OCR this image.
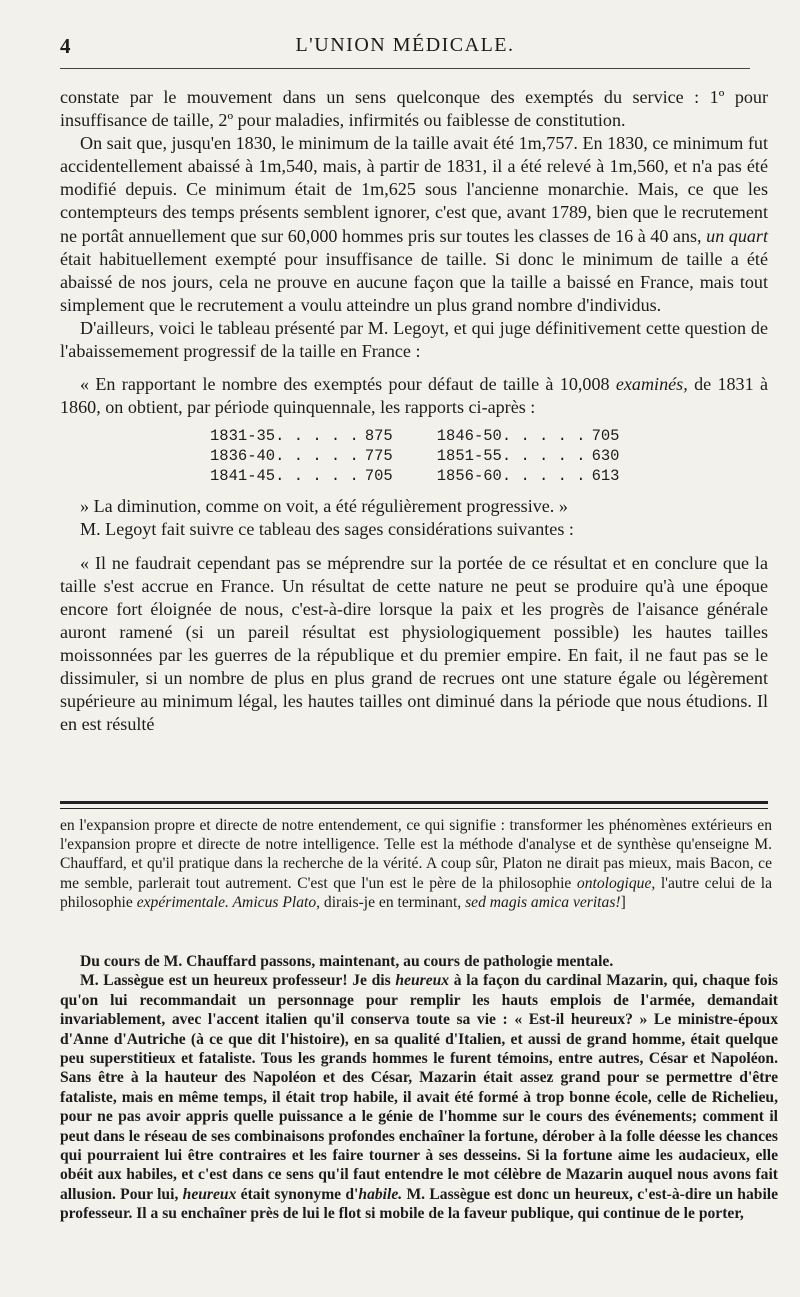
4	L'UNION MÉDICALE.

constate par le mouvement dans un sens quelconque des exemptés du service : 1º pour insuffisance de taille, 2º pour maladies, infirmités ou faiblesse de constitution.

On sait que, jusqu'en 1830, le minimum de la taille avait été 1m,757. En 1830, ce minimum fut accidentellement abaissé à 1m,540, mais, à partir de 1831, il a été relevé à 1m,560, et n'a pas été modifié depuis. Ce minimum était de 1m,625 sous l'ancienne monarchie. Mais, ce que les contempteurs des temps présents semblent ignorer, c'est que, avant 1789, bien que le recrutement ne portât annuellement que sur 60,000 hommes pris sur toutes les classes de 16 à 40 ans, un quart était habituellement exempté pour insuffisance de taille. Si donc le minimum de taille a été abaissé de nos jours, cela ne prouve en aucune façon que la taille a baissé en France, mais tout simplement que le recrutement a voulu atteindre un plus grand nombre d'individus.

D'ailleurs, voici le tableau présenté par M. Legoyt, et qui juge définitivement cette question de l'abaissemement progressif de la taille en France :

« En rapportant le nombre des exemptés pour défaut de taille à 10,008 examinés, de 1831 à 1860, on obtient, par période quinquennale, les rapports ci-après :

1831-35. . . . .	875	1846-50. . . . .	705
1836-40. . . . .	775	1851-55. . . . .	630
1841-45. . . . .	705	1856-60. . . . .	613

» La diminution, comme on voit, a été régulièrement progressive. »

M. Legoyt fait suivre ce tableau des sages considérations suivantes :

« Il ne faudrait cependant pas se méprendre sur la portée de ce résultat et en conclure que la taille s'est accrue en France. Un résultat de cette nature ne peut se produire qu'à une époque encore fort éloignée de nous, c'est-à-dire lorsque la paix et les progrès de l'aisance générale auront ramené (si un pareil résultat est physiologiquement possible) les hautes tailles moissonnées par les guerres de la république et du premier empire. En fait, il ne faut pas se le dissimuler, si un nombre de plus en plus grand de recrues ont une stature égale ou légèrement supérieure au minimum légal, les hautes tailles ont diminué dans la période que nous étudions. Il en est résulté

en l'expansion propre et directe de notre entendement, ce qui signifie : transformer les phénomènes extérieurs en l'expansion propre et directe de notre intelligence. Telle est la méthode d'analyse et de synthèse qu'enseigne M. Chauffard, et qu'il pratique dans la recherche de la vérité. A coup sûr, Platon ne dirait pas mieux, mais Bacon, ce me semble, parlerait tout autrement. C'est que l'un est le père de la philosophie ontologique, l'autre celui de la philosophie expérimentale. Amicus Plato, dirais-je en terminant, sed magis amica veritas!]

Du cours de M. Chauffard passons, maintenant, au cours de pathologie mentale.

M. Lassègue est un heureux professeur! Je dis heureux à la façon du cardinal Mazarin, qui, chaque fois qu'on lui recommandait un personnage pour remplir les hauts emplois de l'armée, demandait invariablement, avec l'accent italien qu'il conserva toute sa vie : « Est-il heureux? » Le ministre-époux d'Anne d'Autriche (à ce que dit l'histoire), en sa qualité d'Italien, et aussi de grand homme, était quelque peu superstitieux et fataliste. Tous les grands hommes le furent témoins, entre autres, César et Napoléon. Sans être à la hauteur des Napoléon et des César, Mazarin était assez grand pour se permettre d'être fataliste, mais en même temps, il était trop habile, il avait été formé à trop bonne école, celle de Richelieu, pour ne pas avoir appris quelle puissance a le génie de l'homme sur le cours des événements; comment il peut dans le réseau de ses combinaisons profondes enchaîner la fortune, dérober à la folle déesse les chances qui pourraient lui être contraires et les faire tourner à ses desseins. Si la fortune aime les audacieux, elle obéit aux habiles, et c'est dans ce sens qu'il faut entendre le mot célèbre de Mazarin auquel nous avons fait allusion. Pour lui, heureux était synonyme d'habile. M. Lassègue est donc un heureux, c'est-à-dire un habile professeur. Il a su enchaîner près de lui le flot si mobile de la faveur publique, qui continue de le porter,
